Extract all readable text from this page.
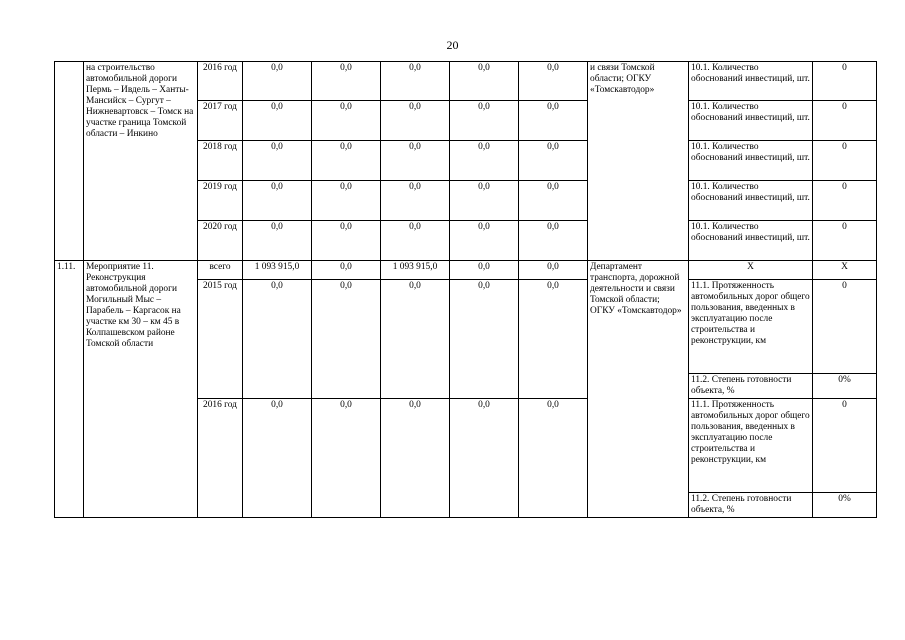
20
	на строительство автомобильной дороги Пермь – Ивдель – Ханты-Мансийск – Сургут – Нижневартовск – Томск на участке граница Томской области – Инкино	2016 год	0,0	0,0	0,0	0,0	0,0	и связи Томской области; ОГКУ «Томскавтодор»	10.1. Количество обоснований инвестиций, шт.	0
		2017 год	0,0	0,0	0,0	0,0	0,0		10.1. Количество обоснований инвестиций, шт.	0
		2018 год	0,0	0,0	0,0	0,0	0,0		10.1. Количество обоснований инвестиций, шт.	0
		2019 год	0,0	0,0	0,0	0,0	0,0		10.1. Количество обоснований инвестиций, шт.	0
		2020 год	0,0	0,0	0,0	0,0	0,0		10.1. Количество обоснований инвестиций, шт.	0
1.11.	Мероприятие 11. Реконструкция автомобильной дороги Могильный Мыс – Парабель – Каргасок на участке км 30 – км 45 в Колпашевском районе Томской области	всего	1 093 915,0	0,0	1 093 915,0	0,0	0,0	Департамент транспорта, дорожной деятельности и связи Томской области; ОГКУ «Томскавтодор»	Х	Х
		2015 год	0,0	0,0	0,0	0,0	0,0		11.1. Протяженность автомобильных дорог общего пользования, введенных в эксплуатацию после строительства и реконструкции, км	0
									11.2. Степень готовности объекта, %	0%
		2016 год	0,0	0,0	0,0	0,0	0,0		11.1. Протяженность автомобильных дорог общего пользования, введенных в эксплуатацию после строительства и реконструкции, км	0
									11.2. Степень готовности объекта, %	0%
